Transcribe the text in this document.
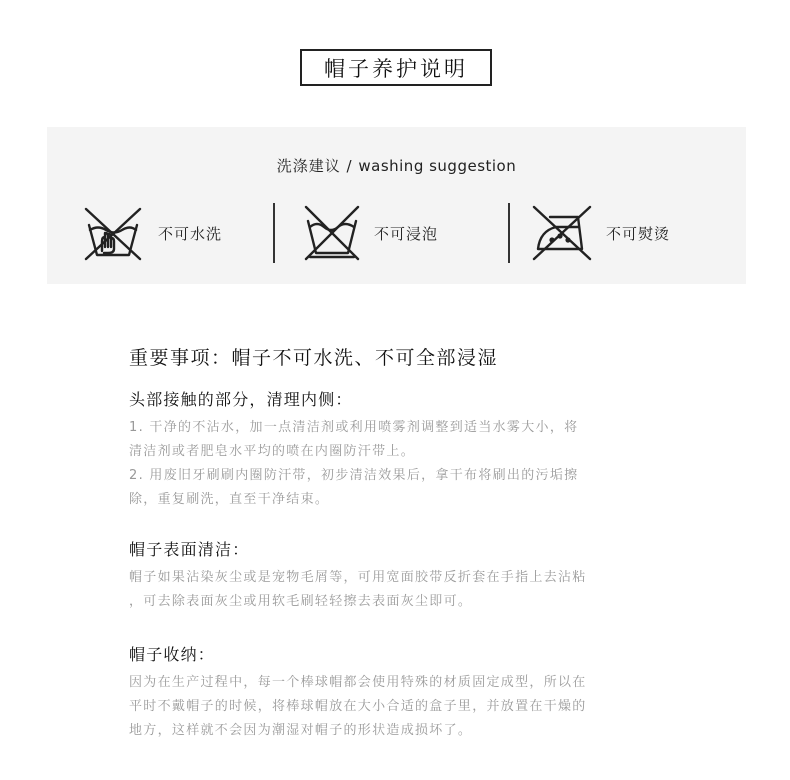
帽子养护说明
洗涤建议 / washing suggestion
不可水洗	不可浸泡	不可熨烫
重要事项：帽子不可水洗、不可全部浸湿
头部接触的部分，清理内侧：
1. 干净的不沾水，加一点清洁剂或利用喷雾剂调整到适当水雾大小，将
清洁剂或者肥皂水平均的喷在内圈防汗带上。
2. 用废旧牙刷刷内圈防汗带，初步清洁效果后，拿干布将刷出的污垢擦
除，重复刷洗，直至干净结束。
帽子表面清洁：
帽子如果沾染灰尘或是宠物毛屑等，可用宽面胶带反折套在手指上去沾粘
，可去除表面灰尘或用软毛刷轻轻擦去表面灰尘即可。
帽子收纳：
因为在生产过程中，每一个棒球帽都会使用特殊的材质固定成型，所以在
平时不戴帽子的时候，将棒球帽放在大小合适的盒子里，并放置在干燥的
地方，这样就不会因为潮湿对帽子的形状造成损坏了。
